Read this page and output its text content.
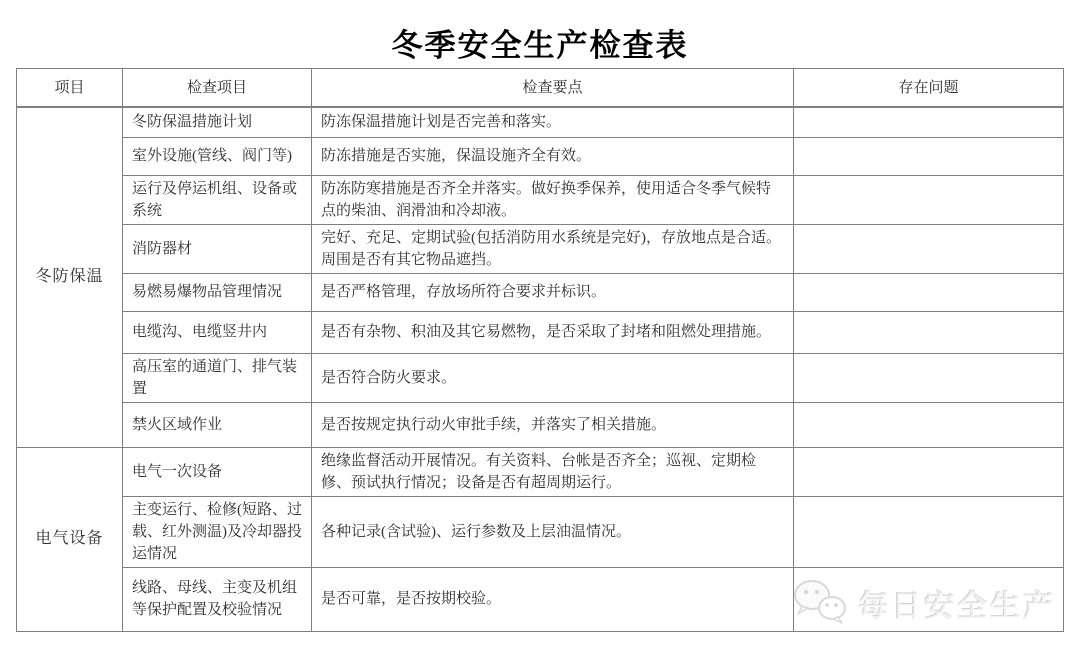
冬季安全生产检查表
项目	检查项目	检查要点	存在问题
冬防保温	冬防保温措施计划	防冻保温措施计划是否完善和落实。	
	室外设施(管线、阀门等)	防冻措施是否实施，保温设施齐全有效。	
	运行及停运机组、设备或系统	防冻防寒措施是否齐全并落实。做好换季保养，使用适合冬季气候特点的柴油、润滑油和冷却液。	
	消防器材	完好、充足、定期试验(包括消防用水系统是完好)，存放地点是合适。周围是否有其它物品遮挡。	
	易燃易爆物品管理情况	是否严格管理，存放场所符合要求并标识。	
	电缆沟、电缆竖井内	是否有杂物、积油及其它易燃物，是否采取了封堵和阻燃处理措施。	
	高压室的通道门、排气装置	是否符合防火要求。	
	禁火区域作业	是否按规定执行动火审批手续，并落实了相关措施。	
电气设备	电气一次设备	绝缘监督活动开展情况。有关资料、台帐是否齐全；巡视、定期检修、预试执行情况；设备是否有超周期运行。	
	主变运行、检修(短路、过载、红外测温)及冷却器投运情况	各种记录(含试验)、运行参数及上层油温情况。	
	线路、母线、主变及机组等保护配置及校验情况	是否可靠，是否按期校验。		每日安全生产
